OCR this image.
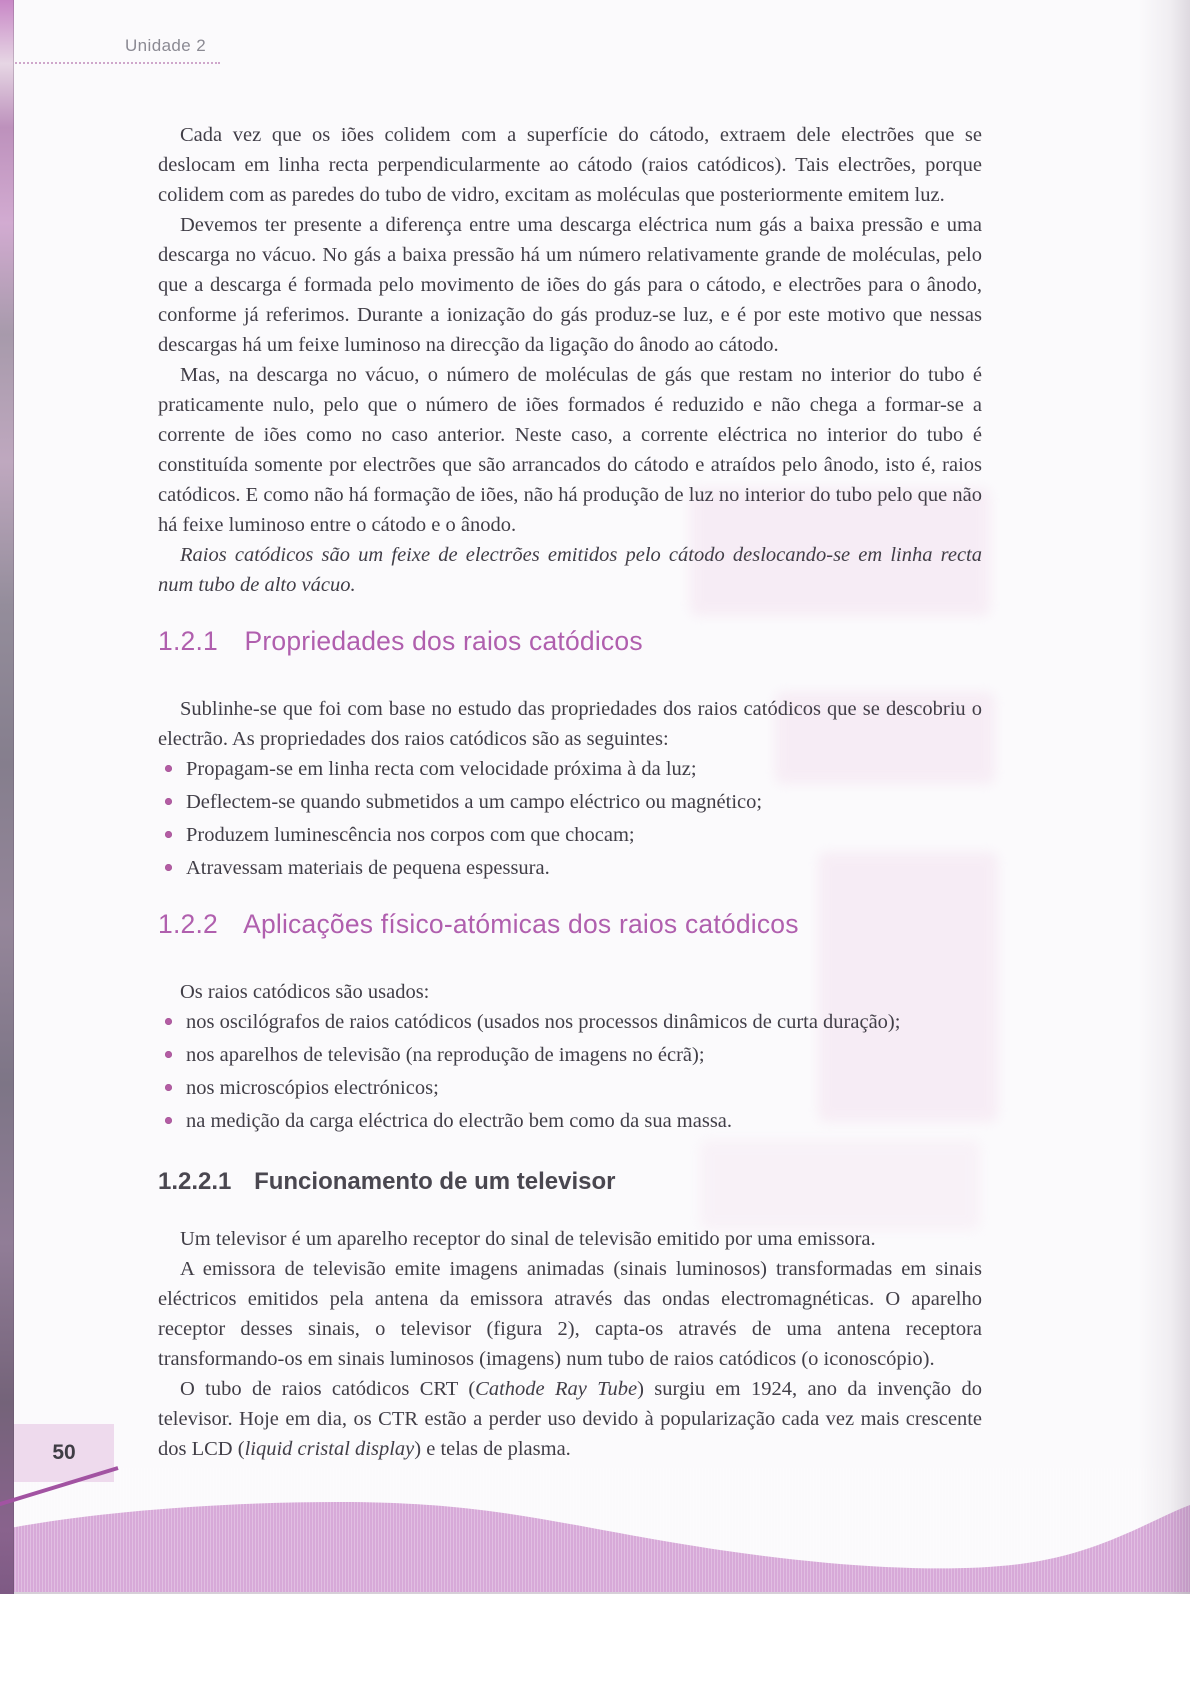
Unidade 2

Cada vez que os iões colidem com a superfície do cátodo, extraem dele electrões que se deslocam em linha recta perpendicularmente ao cátodo (raios catódicos). Tais electrões, porque colidem com as paredes do tubo de vidro, excitam as moléculas que posteriormente emitem luz.

Devemos ter presente a diferença entre uma descarga eléctrica num gás a baixa pressão e uma descarga no vácuo. No gás a baixa pressão há um número relativamente grande de moléculas, pelo que a descarga é formada pelo movimento de iões do gás para o cátodo, e electrões para o ânodo, conforme já referimos. Durante a ionização do gás produz-se luz, e é por este motivo que nessas descargas há um feixe luminoso na direcção da ligação do ânodo ao cátodo.

Mas, na descarga no vácuo, o número de moléculas de gás que restam no interior do tubo é praticamente nulo, pelo que o número de iões formados é reduzido e não chega a formar-se a corrente de iões como no caso anterior. Neste caso, a corrente eléctrica no interior do tubo é constituída somente por electrões que são arrancados do cátodo e atraídos pelo ânodo, isto é, raios catódicos. E como não há formação de iões, não há produção de luz no interior do tubo pelo que não há feixe luminoso entre o cátodo e o ânodo.

Raios catódicos são um feixe de electrões emitidos pelo cátodo deslocando-se em linha recta num tubo de alto vácuo.

1.2.1 Propriedades dos raios catódicos

Sublinhe-se que foi com base no estudo das propriedades dos raios catódicos que se descobriu o electrão. As propriedades dos raios catódicos são as seguintes:

Propagam-se em linha recta com velocidade próxima à da luz;
Deflectem-se quando submetidos a um campo eléctrico ou magnético;
Produzem luminescência nos corpos com que chocam;
Atravessam materiais de pequena espessura.
1.2.2 Aplicações físico-atómicas dos raios catódicos

Os raios catódicos são usados:

nos oscilógrafos de raios catódicos (usados nos processos dinâmicos de curta duração);
nos aparelhos de televisão (na reprodução de imagens no écrã);
nos microscópios electrónicos;
na medição da carga eléctrica do electrão bem como da sua massa.
1.2.2.1 Funcionamento de um televisor

Um televisor é um aparelho receptor do sinal de televisão emitido por uma emissora.

A emissora de televisão emite imagens animadas (sinais luminosos) transformadas em sinais eléctricos emitidos pela antena da emissora através das ondas electromagnéticas. O aparelho receptor desses sinais, o televisor (figura 2), capta-os através de uma antena receptora transformando-os em sinais luminosos (imagens) num tubo de raios catódicos (o iconoscópio).

O tubo de raios catódicos CRT (Cathode Ray Tube) surgiu em 1924, ano da invenção do televisor. Hoje em dia, os CTR estão a perder uso devido à popularização cada vez mais crescente dos LCD (liquid cristal display) e telas de plasma.

50
